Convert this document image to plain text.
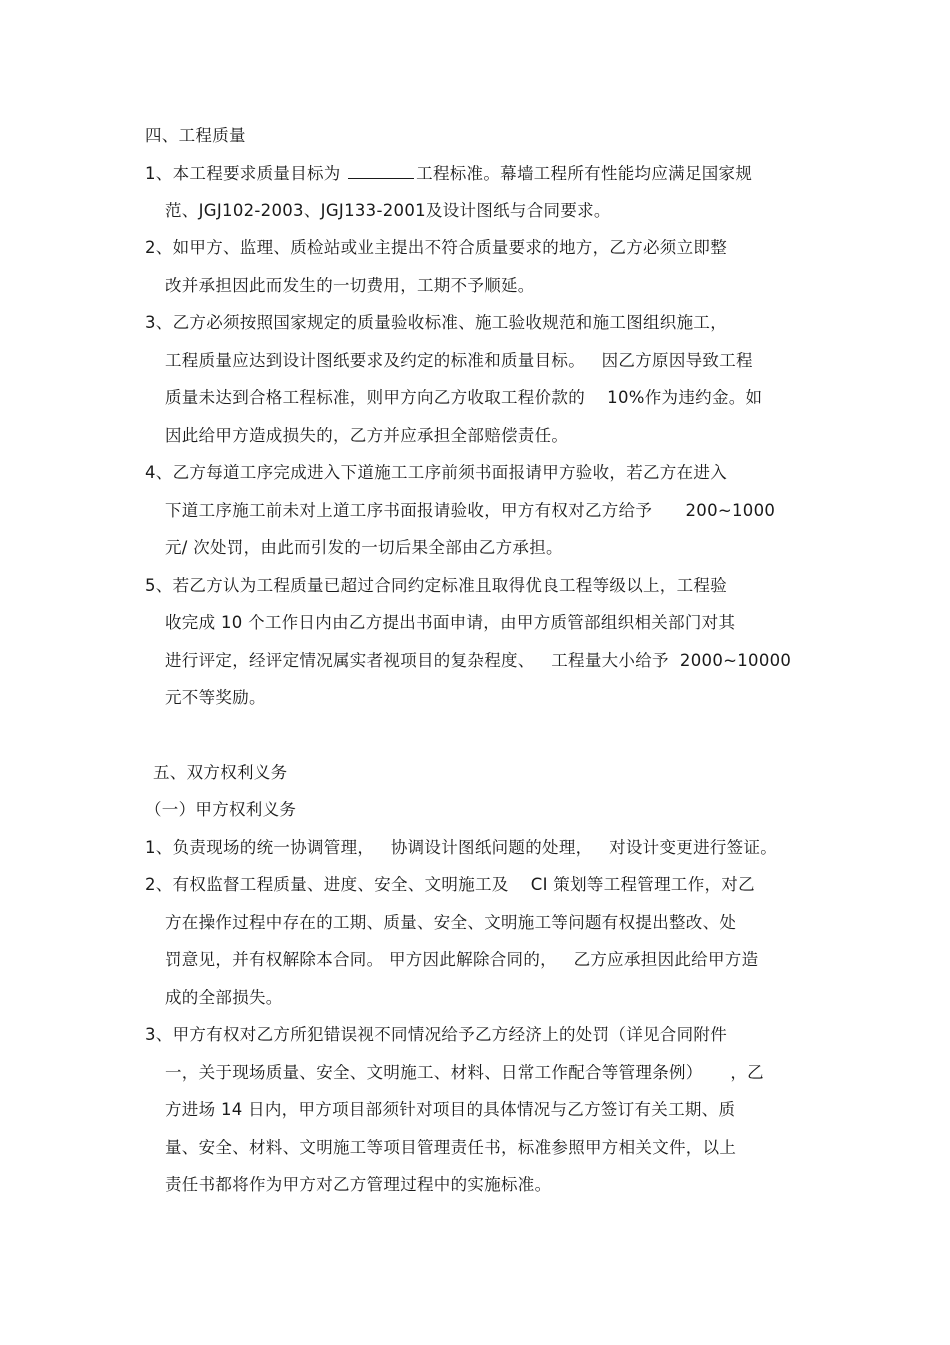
四、工程质量
1、本工程要求质量目标为	工程标准。幕墙工程所有性能均应满足国家规
范、JGJ102-2003、JGJ133-2001及设计图纸与合同要求。
2、如甲方、监理、质检站或业主提出不符合质量要求的地方，乙方必须立即整
改并承担因此而发生的一切费用，工期不予顺延。
3、乙方必须按照国家规定的质量验收标准、施工验收规范和施工图组织施工，
工程质量应达到设计图纸要求及约定的标准和质量目标。   因乙方原因导致工程
质量未达到合格工程标准，则甲方向乙方收取工程价款的    10%作为违约金。如
因此给甲方造成损失的，乙方并应承担全部赔偿责任。
4、乙方每道工序完成进入下道施工工序前须书面报请甲方验收，若乙方在进入
下道工序施工前未对上道工序书面报请验收，甲方有权对乙方给予      200~1000
元/ 次处罚，由此而引发的一切后果全部由乙方承担。
5、若乙方认为工程质量已超过合同约定标准且取得优良工程等级以上，工程验
收完成 10 个工作日内由乙方提出书面申请，由甲方质管部组织相关部门对其
进行评定，经评定情况属实者视项目的复杂程度、   工程量大小给予  2000~10000
元不等奖励。
五、双方权利义务
（一）甲方权利义务
1、负责现场的统一协调管理，   协调设计图纸问题的处理，   对设计变更进行签证。
2、有权监督工程质量、进度、安全、文明施工及    CI 策划等工程管理工作，对乙
方在操作过程中存在的工期、质量、安全、文明施工等问题有权提出整改、处
罚意见，并有权解除本合同。 甲方因此解除合同的，   乙方应承担因此给甲方造
成的全部损失。
3、甲方有权对乙方所犯错误视不同情况给予乙方经济上的处罚（详见合同附件
一，关于现场质量、安全、文明施工、材料、日常工作配合等管理条例）     ，乙
方进场 14 日内，甲方项目部须针对项目的具体情况与乙方签订有关工期、质
量、安全、材料、文明施工等项目管理责任书，标准参照甲方相关文件，以上
责任书都将作为甲方对乙方管理过程中的实施标准。
